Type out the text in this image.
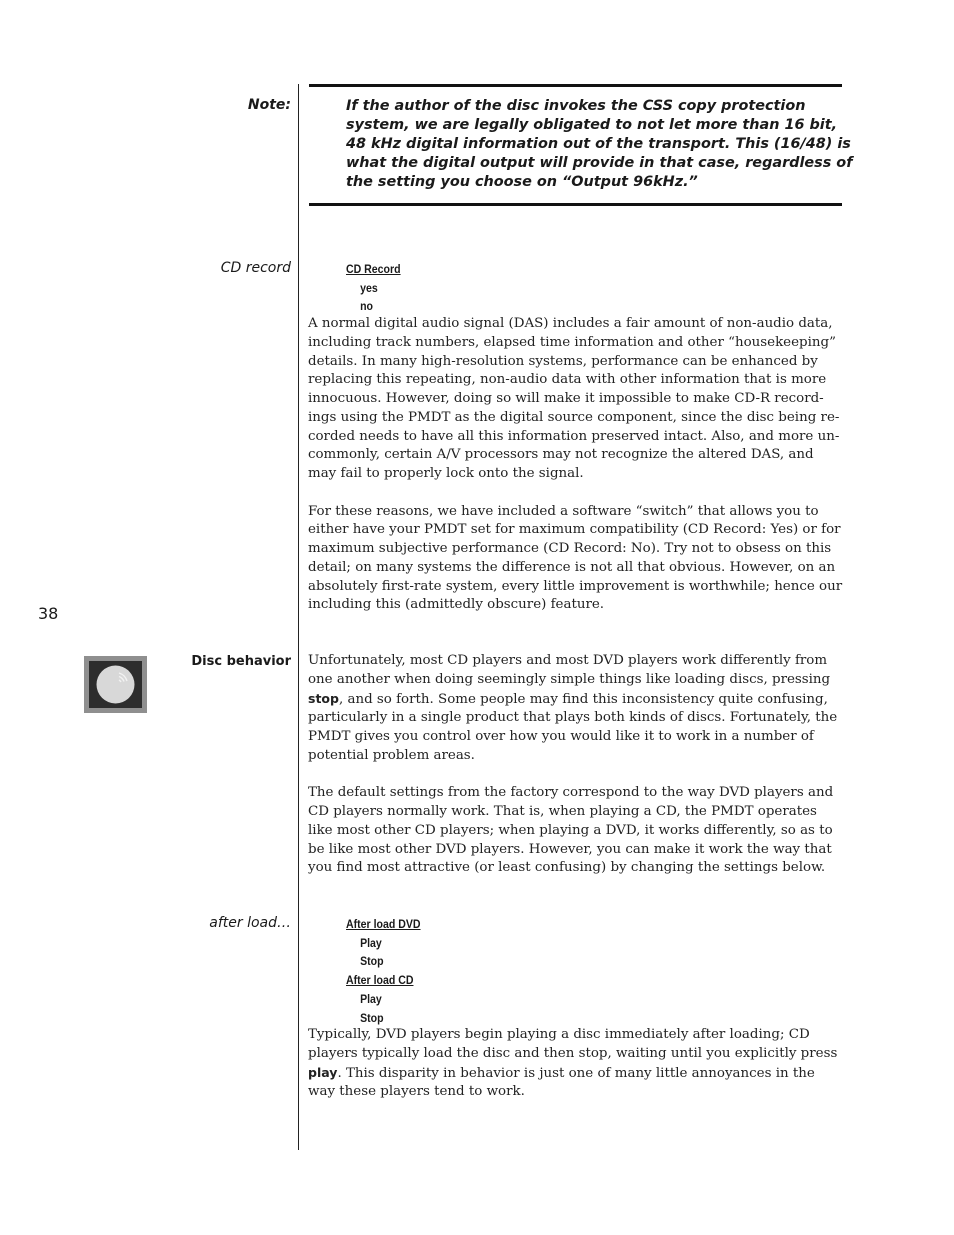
Note:	If the author of the disc invokes the CSS copy protection
system, we are legally obligated to not let more than 16 bit,
48 kHz digital information out of the transport. This (16/48) is
what the digital output will provide in that case, regardless of
the setting you choose on “Output 96kHz.”
CD record	CD Record
yes
no
A normal digital audio signal (DAS) includes a fair amount of non-audio data,
including track numbers, elapsed time information and other “housekeeping”
details. In many high-resolution systems, performance can be enhanced by
replacing this repeating, non-audio data with other information that is more
innocuous. However, doing so will make it impossible to make CD-R record-
ings using the PMDT as the digital source component, since the disc being re-
corded needs to have all this information preserved intact. Also, and more un-
commonly, certain A/V processors may not recognize the altered DAS, and
may fail to properly lock onto the signal.
For these reasons, we have included a software “switch” that allows you to
either have your PMDT set for maximum compatibility (CD Record: Yes) or for
maximum subjective performance (CD Record: No). Try not to obsess on this
detail; on many systems the difference is not all that obvious. However, on an
absolutely first-rate system, every little improvement is worthwhile; hence our
including this (admittedly obscure) feature.
38
Disc behavior Unfortunately, most CD players and most DVD players work differently from
one another when doing seemingly simple things like loading discs, pressing
stop, and so forth. Some people may find this inconsistency quite confusing,
particularly in a single product that plays both kinds of discs. Fortunately, the
PMDT gives you control over how you would like it to work in a number of
potential problem areas.
The default settings from the factory correspond to the way DVD players and
CD players normally work. That is, when playing a CD, the PMDT operates
like most other CD players; when playing a DVD, it works differently, so as to
be like most other DVD players. However, you can make it work the way that
you find most attractive (or least confusing) by changing the settings below.
after load…	After load DVD
Play
Stop
After load CD
Play
Stop
Typically, DVD players begin playing a disc immediately after loading; CD
players typically load the disc and then stop, waiting until you explicitly press
play. This disparity in behavior is just one of many little annoyances in the
way these players tend to work.
